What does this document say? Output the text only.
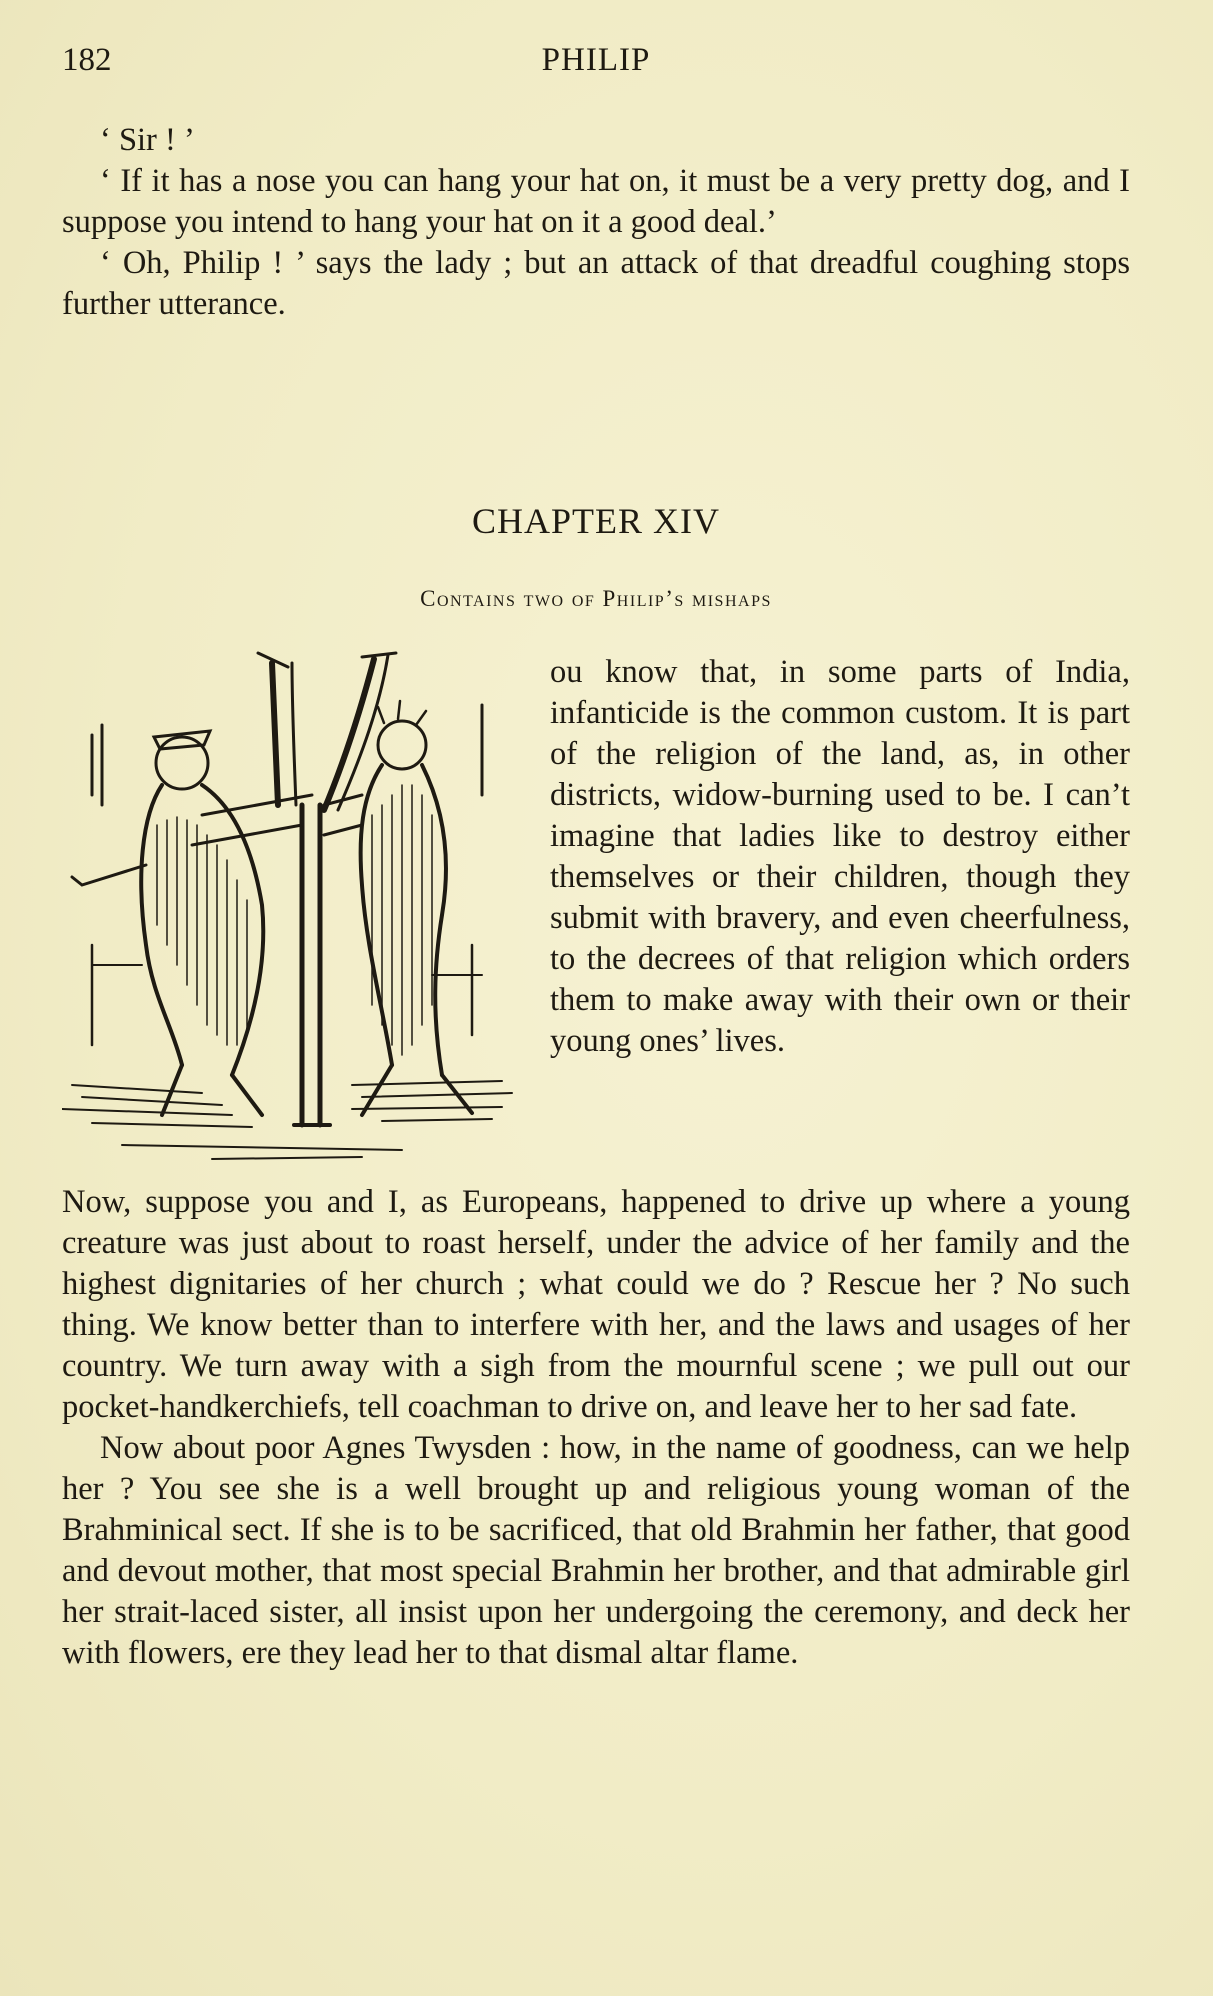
182	PHILIP

‘ Sir ! ’

‘ If it has a nose you can hang your hat on, it must be a very pretty dog, and I suppose you intend to hang your hat on it a good deal.’

‘ Oh, Philip ! ’ says the lady ; but an attack of that dreadful coughing stops further utterance.

CHAPTER XIV
Contains two of Philip’s mishaps

ou know that, in some parts of India, infanticide is the common custom. It is part of the religion of the land, as, in other districts, widow-burning used to be. I can’t imagine that ladies like to destroy either themselves or their children, though they submit with bravery, and even cheerfulness, to the decrees of that religion which orders them to make away with their own or their young ones’ lives.

Now, suppose you and I, as Europeans, happened to drive up where a young creature was just about to roast herself, under the advice of her family and the highest dignitaries of her church ; what could we do ? Rescue her ? No such thing. We know better than to interfere with her, and the laws and usages of her country. We turn away with a sigh from the mournful scene ; we pull out our pocket-handkerchiefs, tell coachman to drive on, and leave her to her sad fate.

Now about poor Agnes Twysden : how, in the name of goodness, can we help her ? You see she is a well brought up and religious young woman of the Brahminical sect. If she is to be sacrificed, that old Brahmin her father, that good and devout mother, that most special Brahmin her brother, and that admirable girl her strait-laced sister, all insist upon her undergoing the ceremony, and deck her with flowers, ere they lead her to that dismal altar flame.
